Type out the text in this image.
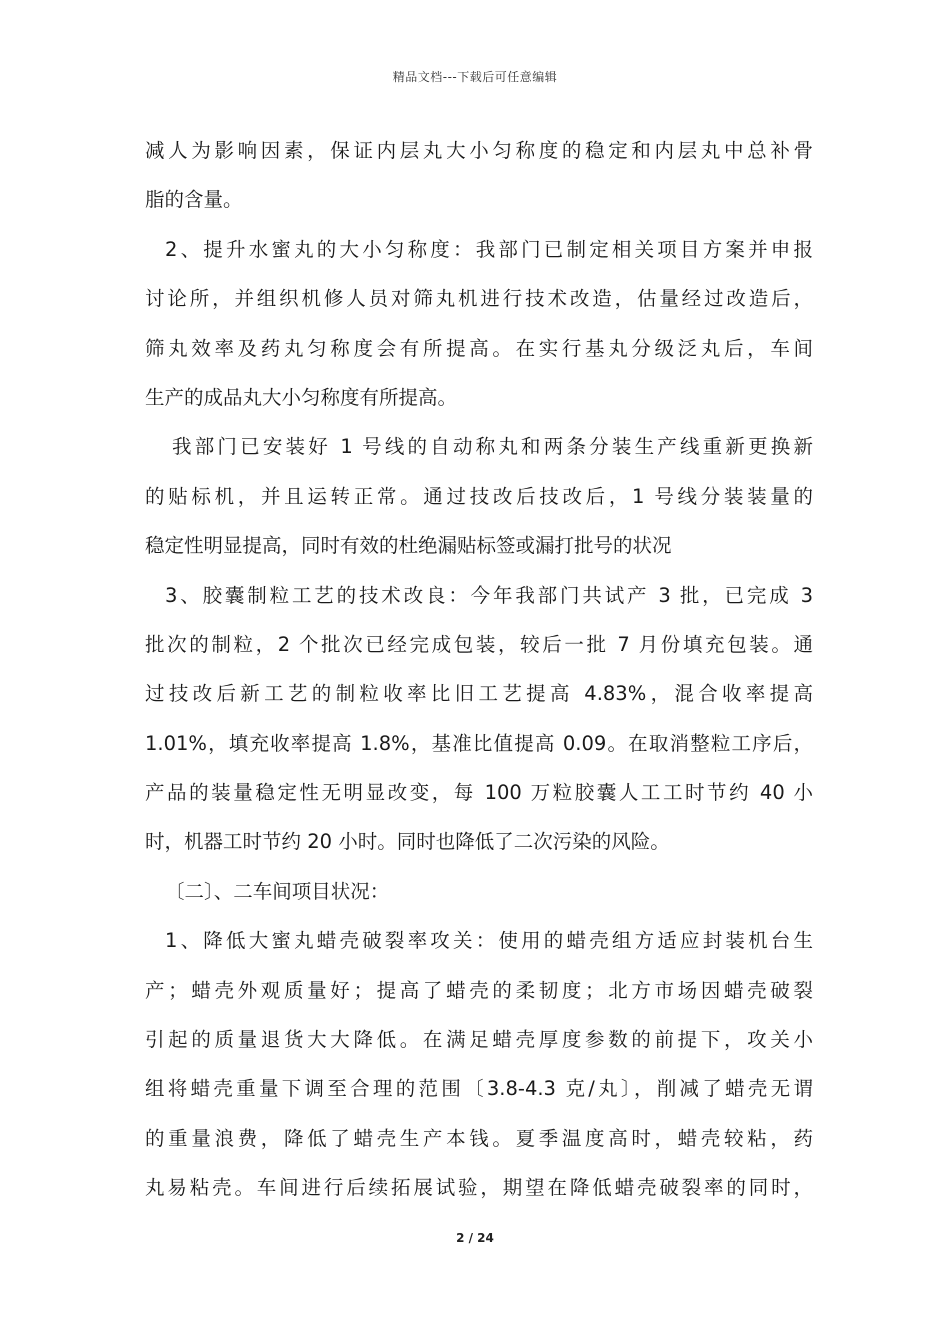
精品文档---下载后可任意编辑
减人为影响因素，保证内层丸大小匀称度的稳定和内层丸中总补骨
脂的含量。
2、提升水蜜丸的大小匀称度：我部门已制定相关项目方案并申报
讨论所，并组织机修人员对筛丸机进行技术改造，估量经过改造后，
筛丸效率及药丸匀称度会有所提高。在实行基丸分级泛丸后，车间
生产的成品丸大小匀称度有所提高。
我部门已安装好 1 号线的自动称丸和两条分装生产线重新更换新
的贴标机，并且运转正常。通过技改后技改后，1 号线分装装量的
稳定性明显提高，同时有效的杜绝漏贴标签或漏打批号的状况
3、胶囊制粒工艺的技术改良：今年我部门共试产 3 批，已完成 3
批次的制粒，2 个批次已经完成包装，较后一批 7 月份填充包装。通
过技改后新工艺的制粒收率比旧工艺提高 4.83%，混合收率提高
1.01%，填充收率提高 1.8%，基准比值提高 0.09。在取消整粒工序后，
产品的装量稳定性无明显改变，每 100 万粒胶囊人工工时节约 40 小
时，机器工时节约 20 小时。同时也降低了二次污染的风险。
〔二〕、二车间项目状况：
1、降低大蜜丸蜡壳破裂率攻关：使用的蜡壳组方适应封装机台生
产；蜡壳外观质量好；提高了蜡壳的柔韧度；北方市场因蜡壳破裂
引起的质量退货大大降低。在满足蜡壳厚度参数的前提下，攻关小
组将蜡壳重量下调至合理的范围〔3.8-4.3 克/丸〕，削减了蜡壳无谓
的重量浪费，降低了蜡壳生产本钱。夏季温度高时，蜡壳较粘，药
丸易粘壳。车间进行后续拓展试验，期望在降低蜡壳破裂率的同时，
2 / 24
